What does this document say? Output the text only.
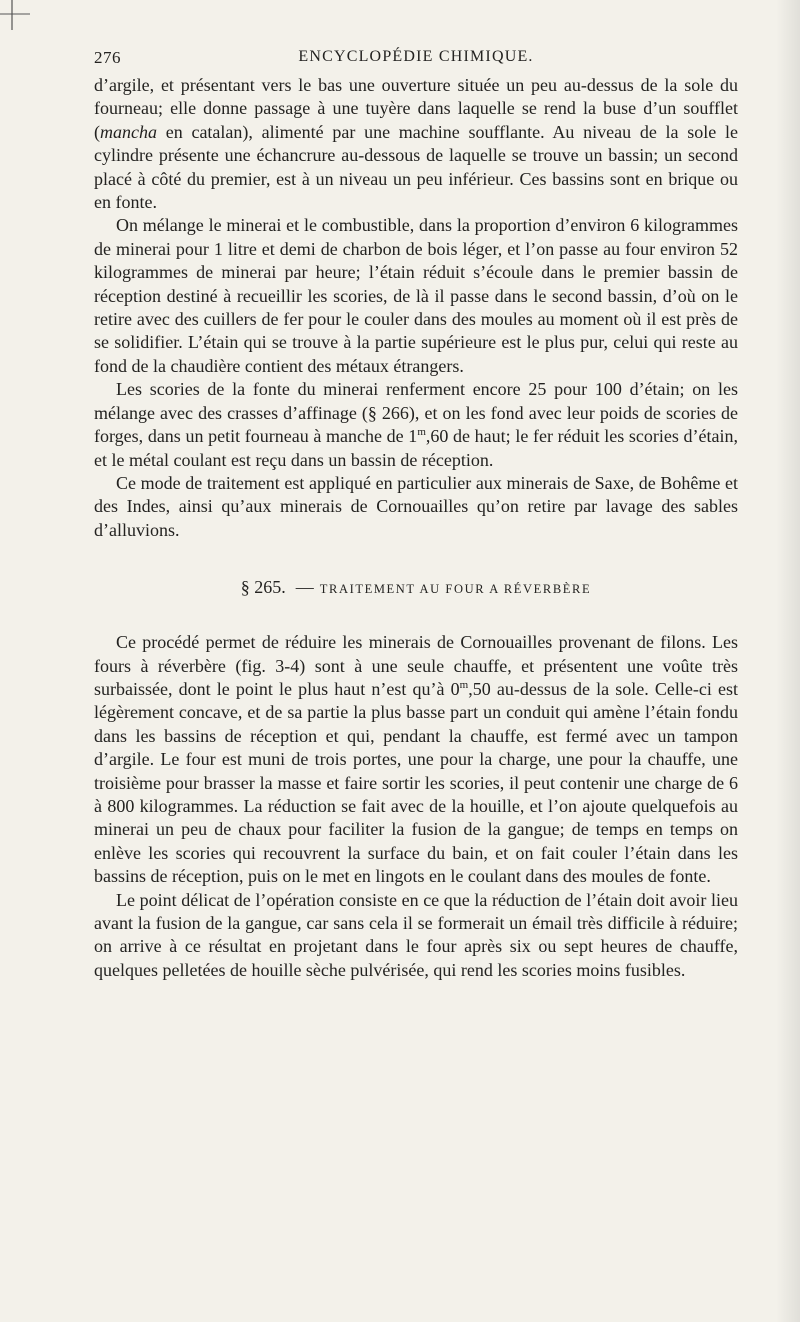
276	ENCYCLOPÉDIE CHIMIQUE.

d’argile, et présentant vers le bas une ouverture située un peu au-dessus de la sole du fourneau; elle donne passage à une tuyère dans laquelle se rend la buse d’un soufflet (mancha en catalan), alimenté par une machine soufflante. Au niveau de la sole le cylindre présente une échancrure au-dessous de laquelle se trouve un bassin; un second placé à côté du premier, est à un niveau un peu inférieur. Ces bassins sont en brique ou en fonte.

On mélange le minerai et le combustible, dans la proportion d’environ 6 kilogrammes de minerai pour 1 litre et demi de charbon de bois léger, et l’on passe au four environ 52 kilogrammes de minerai par heure; l’étain réduit s’écoule dans le premier bassin de réception destiné à recueillir les scories, de là il passe dans le second bassin, d’où on le retire avec des cuillers de fer pour le couler dans des moules au moment où il est près de se solidifier. L’étain qui se trouve à la partie supérieure est le plus pur, celui qui reste au fond de la chaudière contient des métaux étrangers.

Les scories de la fonte du minerai renferment encore 25 pour 100 d’étain; on les mélange avec des crasses d’affinage (§ 266), et on les fond avec leur poids de scories de forges, dans un petit fourneau à manche de 1$^m$,60 de haut; le fer réduit les scories d’étain, et le métal coulant est reçu dans un bassin de réception.

Ce mode de traitement est appliqué en particulier aux minerais de Saxe, de Bohême et des Indes, ainsi qu’aux minerais de Cornouailles qu’on retire par lavage des sables d’alluvions.

§ 265. — TRAITEMENT AU FOUR A RÉVERBÈRE

Ce procédé permet de réduire les minerais de Cornouailles provenant de filons. Les fours à réverbère (fig. 3-4) sont à une seule chauffe, et présentent une voûte très surbaissée, dont le point le plus haut n’est qu’à 0$^m$,50 au-dessus de la sole. Celle-ci est légèrement concave, et de sa partie la plus basse part un conduit qui amène l’étain fondu dans les bassins de réception et qui, pendant la chauffe, est fermé avec un tampon d’argile. Le four est muni de trois portes, une pour la charge, une pour la chauffe, une troisième pour brasser la masse et faire sortir les scories, il peut contenir une charge de 6 à 800 kilogrammes. La réduction se fait avec de la houille, et l’on ajoute quelquefois au minerai un peu de chaux pour faciliter la fusion de la gangue; de temps en temps on enlève les scories qui recouvrent la surface du bain, et on fait couler l’étain dans les bassins de réception, puis on le met en lingots en le coulant dans des moules de fonte.

Le point délicat de l’opération consiste en ce que la réduction de l’étain doit avoir lieu avant la fusion de la gangue, car sans cela il se formerait un émail très difficile à réduire; on arrive à ce résultat en projetant dans le four après six ou sept heures de chauffe, quelques pelletées de houille sèche pulvérisée, qui rend les scories moins fusibles.
